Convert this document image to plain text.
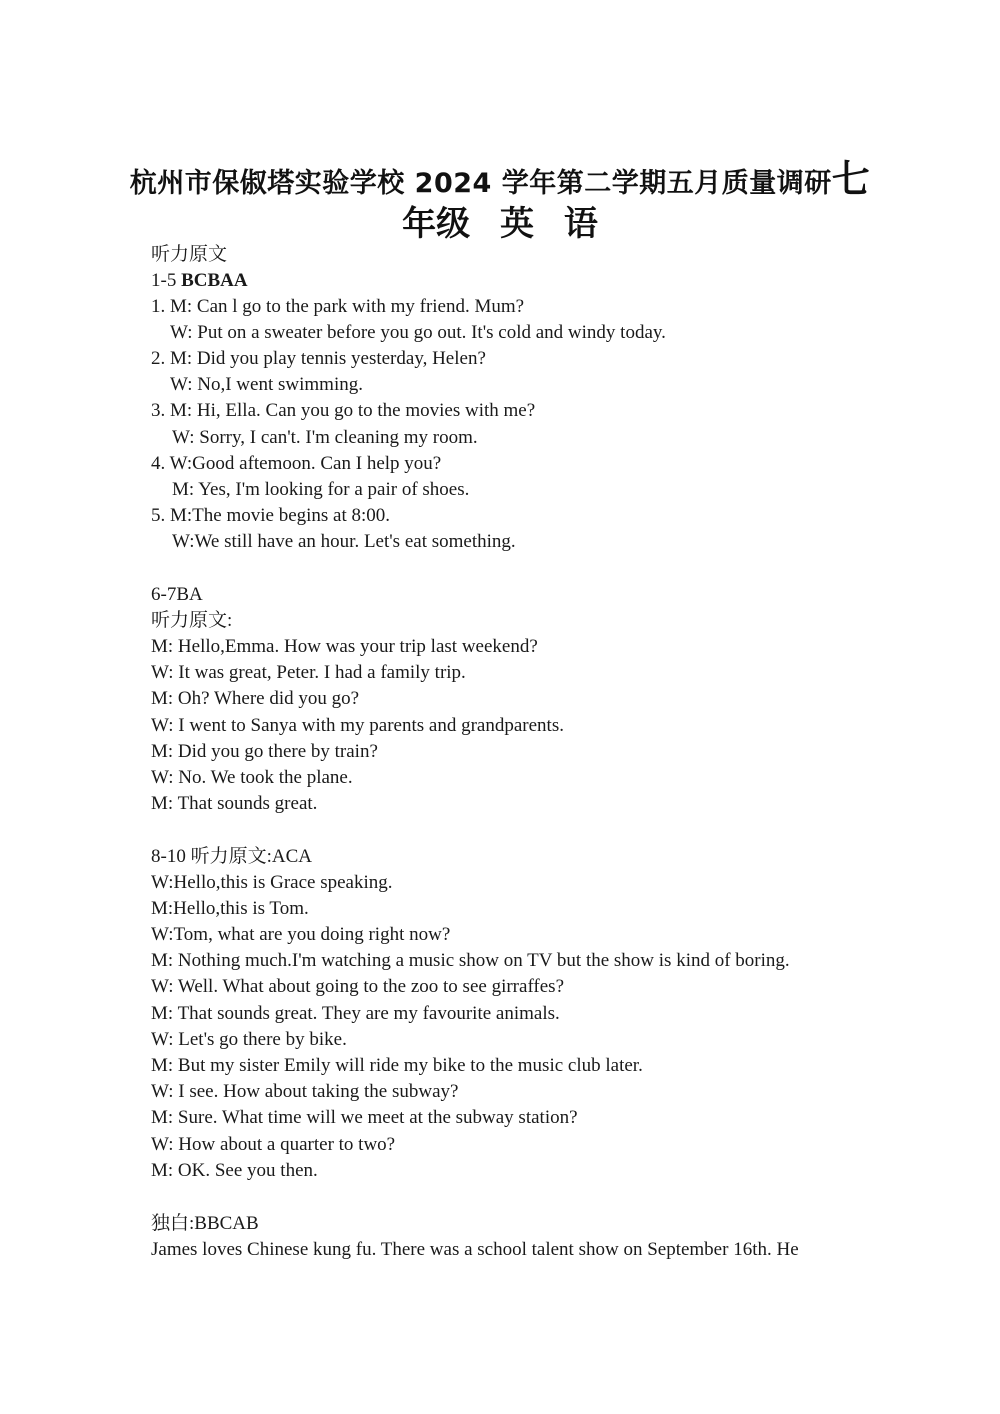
杭州市保俶塔实验学校 2024 学年第二学期五月质量调研七
年级 英 语
听力原文
1-5 BCBAA
1. M: Can l go to the park with my friend. Mum?
W: Put on a sweater before you go out. It's cold and windy today.
2. M: Did you play tennis yesterday, Helen?
W: No,I went swimming.
3. M: Hi, Ella. Can you go to the movies with me?
W: Sorry, I can't. I'm cleaning my room.
4. W:Good aftemoon. Can I help you?
M: Yes, I'm looking for a pair of shoes.
5. M:The movie begins at 8:00.
W:We still have an hour. Let's eat something.
6-7BA
听力原文:
M: Hello,Emma. How was your trip last weekend?
W: It was great, Peter. I had a family trip.
M: Oh? Where did you go?
W: I went to Sanya with my parents and grandparents.
M: Did you go there by train?
W: No. We took the plane.
M: That sounds great.
8-10 听力原文:ACA
W:Hello,this is Grace speaking.
M:Hello,this is Tom.
W:Tom, what are you doing right now?
M: Nothing much.I'm watching a music show on TV but the show is kind of boring.
W: Well. What about going to the zoo to see girraffes?
M: That sounds great. They are my favourite animals.
W: Let's go there by bike.
M: But my sister Emily will ride my bike to the music club later.
W: I see. How about taking the subway?
M: Sure. What time will we meet at the subway station?
W: How about a quarter to two?
M: OK. See you then.
独白:BBCAB
James loves Chinese kung fu. There was a school talent show on September 16th. He
